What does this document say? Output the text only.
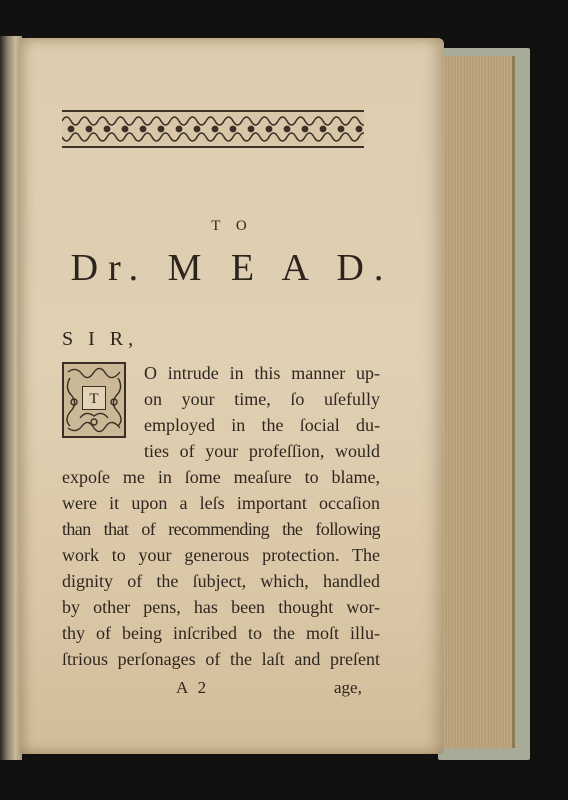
T O
Dr. M E A D.
S I R,
T
O intrude in this manner up-
on your time, ſo uſefully
employed in the ſocial du-
ties of your profeſſion, would
expoſe me in ſome meaſure to blame,
were it upon a leſs important occaſion
than that of recommending the following
work to your generous protection. The
dignity of the ſubject, which, handled
by other pens, has been thought wor-
thy of being inſcribed to the moſt illu-
ſtrious perſonages of the laſt and preſent
A 2	age,
